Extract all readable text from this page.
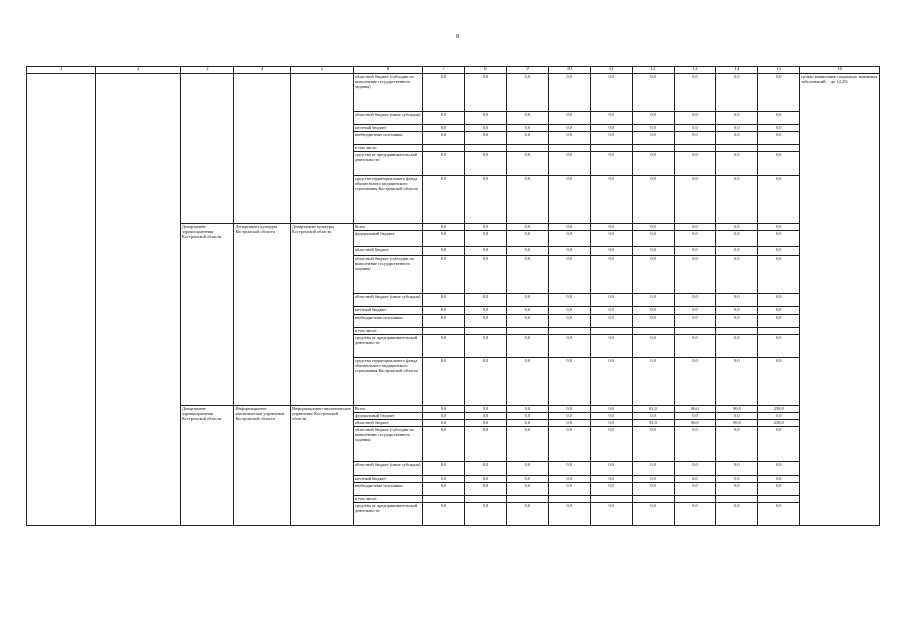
8
1	2	3	4	5	6	7	8	9	10	11	12	13	14	15	16
					областной бюджет (субсидии на выполнение государственного задания)	0,0	0,0	0,0	0,0	0,0	0,0	0,0	0,0	0,0	целью выявления социально значимых заболеваний, - до 14,2%
					областной бюджет (иные субсидии)	0,0	0,0	0,0	0,0	0,0	0,0	0,0	0,0	0,0	
					местный бюджет	0,0	0,0	0,0	0,0	0,0	0,0	0,0	0,0	0,0	
					внебюджетные источники	0,0	0,0	0,0	0,0	0,0	0,0	0,0	0,0	0,0	
					в том числе:										
					средства от предпринимательской деятельности	0,0	0,0	0,0	0,0	0,0	0,0	0,0	0,0	0,0	
					средства территориального фонда обязательного медицинского страхования Костромской области	0,0	0,0	0,0	0,0	0,0	0,0	0,0	0,0	0,0	
		Департамент здравоохранения Костромской области	Департамент культуры Костромской области	Департамент культуры Костромской области	Всего	0,0	0,0	0,0	0,0	0,0	0,0	0,0	0,0	0,0	
					федеральный бюджет	0,0	0,0	0,0	0,0	0,0	0,0	0,0	0,0	0,0	
					областной бюджет	0,0	0,0	0,0	0,0	0,0	0,0	0,0	0,0	0,0	
					областной бюджет (субсидии на выполнение государственного задания)	0,0	0,0	0,0	0,0	0,0	0,0	0,0	0,0	0,0	
					областной бюджет (иные субсидии)	0,0	0,0	0,0	0,0	0,0	0,0	0,0	0,0	0,0	
					местный бюджет	0,0	0,0	0,0	0,0	0,0	0,0	0,0	0,0	0,0	
					внебюджетные источники	0,0	0,0	0,0	0,0	0,0	0,0	0,0	0,0	0,0	
					в том числе:										
					средства от предпринимательской деятельности	0,0	0,0	0,0	0,0	0,0	0,0	0,0	0,0	0,0	
					средства территориального фонда обязательного медицинского страхования Костромской области	0,0	0,0	0,0	0,0	0,0	0,0	0,0	0,0	0,0	
		Департамент здравоохранения Костромской области	Информационно-аналитическое управление Костромской области	Информационно-аналитическое управление Костромской области	Всего	0,0	0,0	0,0	0,0	0,0	82,0	86,0	90,8	258,8	
					федеральный бюджет	0,0	0,0	0,0	0,0	0,0	0,0	0,0	0,0	0,0	
					областной бюджет	0,0	0,0	0,0	0,0	0,0	82,0	86,0	90,8	258,8	
					областной бюджет (субсидии на выполнение государственного задания)	0,0	0,0	0,0	0,0	0,0	0,0	0,0	0,0	0,0	
					областной бюджет (иные субсидии)	0,0	0,0	0,0	0,0	0,0	0,0	0,0	0,0	0,0	
					местный бюджет	0,0	0,0	0,0	0,0	0,0	0,0	0,0	0,0	0,0	
					внебюджетные источники	0,0	0,0	0,0	0,0	0,0	0,0	0,0	0,0	0,0	
					в том числе:										
					средства от предпринимательской деятельности	0,0	0,0	0,0	0,0	0,0	0,0	0,0	0,0	0,0	
